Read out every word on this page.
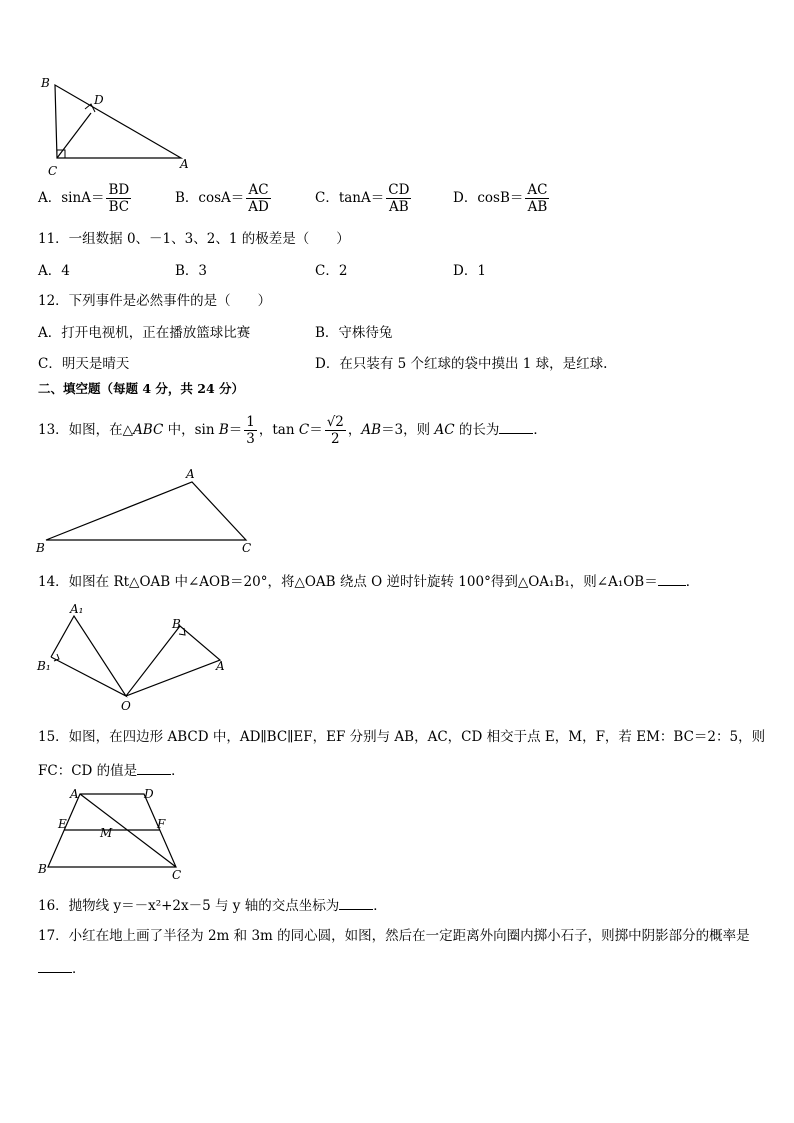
B
D
C	A
A．$\sin A= \frac{BD}{BC}$	B．$\cos A= \frac{AC}{AD}$	C．$\tan A= \frac{CD}{AB}$	D．$\cos B= \frac{AC}{AB}$
11．一组数据 0、－1、3、2、1 的极差是（　　）
A．4	B．3	C．2	D．1
12．下列事件是必然事件的是（　　）
A．打开电视机，正在播放篮球比赛	B．守株待兔
C．明天是晴天	D．在只装有 5 个红球的袋中摸出 1 球，是红球.
二、填空题（每题 4 分，共 24 分）
13．如图，在△ABC 中，$\sin B= \frac{1}{3}$ ，$\tan C= \frac{√2}{2}$ ，AB＝3，则 AC 的长为	．
A
B	C
14．如图在 Rt△OAB 中∠AOB＝20°，将△OAB 绕点 O 逆时针旋转 100°得到△OA₁B₁，则∠A₁OB＝ ．
A₁
B₁
B
A
O
15．如图，在四边形 ABCD 中，AD∥BC∥EF，EF 分别与 AB，AC，CD 相交于点 E，M，F，若 EM：BC＝2：5，则
FC：CD 的值是	．
A	D
E
M
F
B	C
16．抛物线 y＝－x²+2x－5 与 y 轴的交点坐标为	．
17．小红在地上画了半径为 2m 和 3m 的同心圆，如图，然后在一定距离外向圈内掷小石子，则掷中阴影部分的概率是
．
